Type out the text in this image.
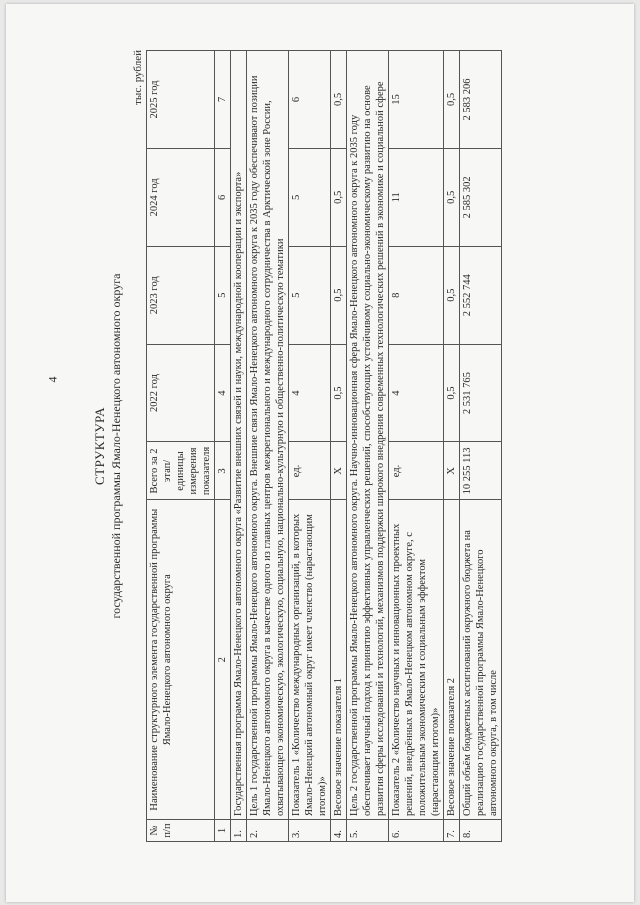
4
СТРУКТУРА государственной программы Ямало-Ненецкого автономного округа
тыс. рублей
№ п/п	Наименование структурного элемента государственной программы Ямало-Ненецкого автономного округа	Всего за 2 этап/ единицы измерения показателя	2022 год	2023 год	2024 год	2025 год
1	2	3	4	5	6	7
1.	Государственная программа Ямало-Ненецкого автономного округа «Развитие внешних связей и науки, международной кооперации и экспорта»					
2.	Цель 1 государственной программы Ямало-Ненецкого автономного округа. Внешние связи Ямало-Ненецкого автономного округа к 2035 году обеспечивают позиции Ямало-Ненецкого автономного округа в качестве одного из главных центров межрегионального и международного сотрудничества в Арктической зоне России, охватывающего экономическую, экологическую, социальную, национально-культурную и общественно-политическую тематики					
3.	Показатель 1 «Количество международных организаций, в которых Ямало-Ненецкий автономный округ имеет членство (нарастающим итогом)»	ед.	4	5	5	6
4.	Весовое значение показателя 1	X	0,5	0,5	0,5	0,5
5.	Цель 2 государственной программы Ямало-Ненецкого автономного округа. Научно-инновационная сфера Ямало-Ненецкого автономного округа к 2035 году обеспечивает научный подход к принятию эффективных управленческих решений, способствующих устойчивому социально-экономическому развитию на основе развития сферы исследований и технологий, механизмов поддержки широкого внедрения современных технологических решений в экономике и социальной сфере					
6.	Показатель 2 «Количество научных и инновационных проектных решений, внедрённых в Ямало-Ненецком автономном округе, с положительным экономическим и социальным эффектом (нарастающим итогом)»	ед.	4	8	11	15
7.	Весовое значение показателя 2	X	0,5	0,5	0,5	0,5
8.	Общий объём бюджетных ассигнований окружного бюджета на реализацию государственной программы Ямало-Ненецкого автономного округа, в том числе	10 255 113	2 531 765	2 552 744	2 585 302	2 583 206
